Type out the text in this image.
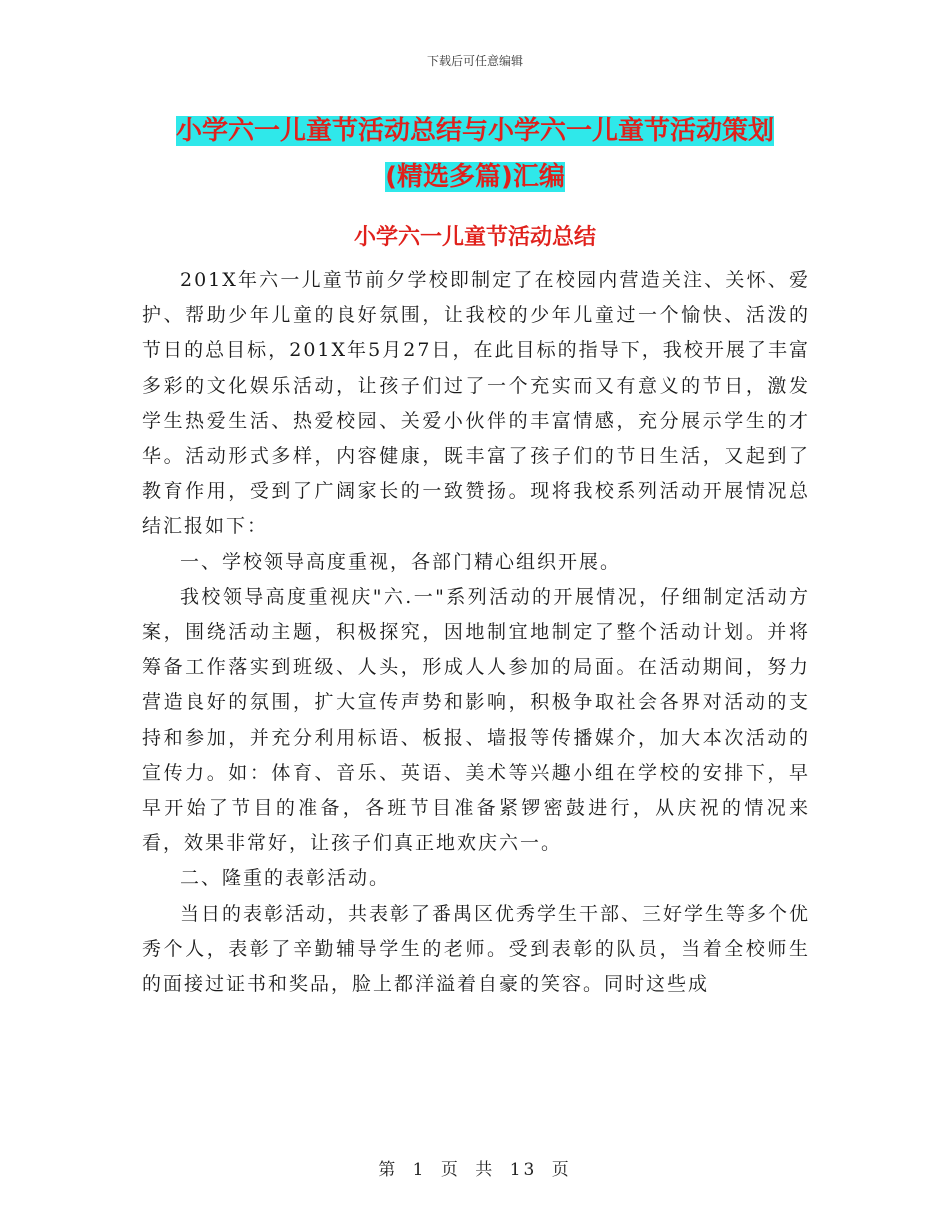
下载后可任意编辑
小学六一儿童节活动总结与小学六一儿童节活动策划
(精选多篇)汇编
小学六一儿童节活动总结

201X年六一儿童节前夕学校即制定了在校园内营造关注、关怀、爱护、帮助少年儿童的良好氛围，让我校的少年儿童过一个愉快、活泼的节日的总目标，201X年5月27日，在此目标的指导下，我校开展了丰富多彩的文化娱乐活动，让孩子们过了一个充实而又有意义的节日，激发学生热爱生活、热爱校园、关爱小伙伴的丰富情感，充分展示学生的才华。活动形式多样，内容健康，既丰富了孩子们的节日生活，又起到了教育作用，受到了广阔家长的一致赞扬。现将我校系列活动开展情况总结汇报如下：

一、学校领导高度重视，各部门精心组织开展。

我校领导高度重视庆"六.一"系列活动的开展情况，仔细制定活动方案，围绕活动主题，积极探究，因地制宜地制定了整个活动计划。并将筹备工作落实到班级、人头，形成人人参加的局面。在活动期间，努力营造良好的氛围，扩大宣传声势和影响，积极争取社会各界对活动的支持和参加，并充分利用标语、板报、墙报等传播媒介，加大本次活动的宣传力。如：体育、音乐、英语、美术等兴趣小组在学校的安排下，早早开始了节目的准备，各班节目准备紧锣密鼓进行，从庆祝的情况来看，效果非常好，让孩子们真正地欢庆六一。

二、隆重的表彰活动。

当日的表彰活动，共表彰了番禺区优秀学生干部、三好学生等多个优秀个人，表彰了辛勤辅导学生的老师。受到表彰的队员，当着全校师生的面接过证书和奖品，脸上都洋溢着自豪的笑容。同时这些成

第 1 页 共 13 页
